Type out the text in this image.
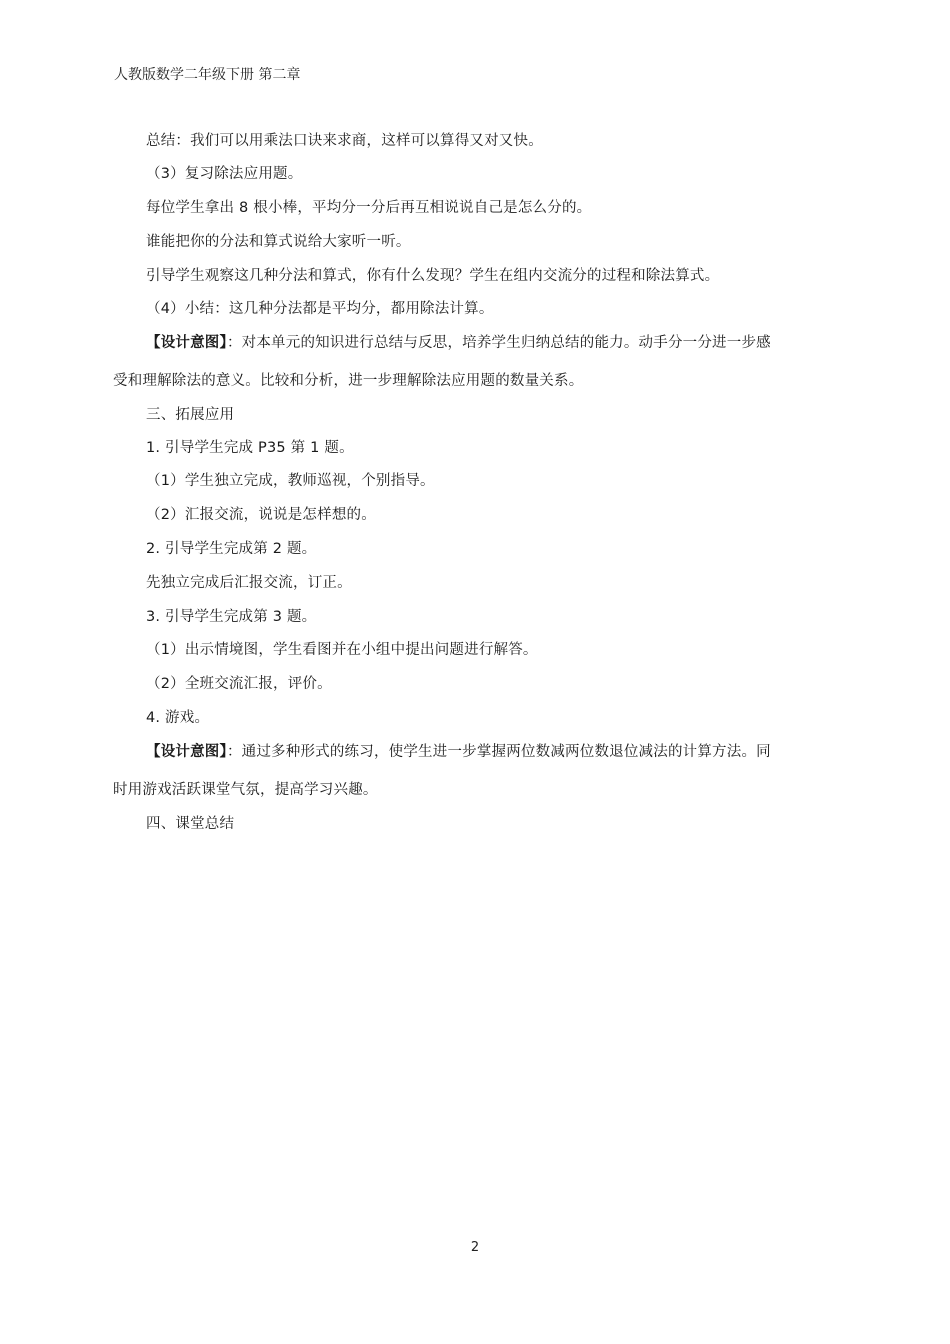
人教版数学二年级下册 第二章
总结：我们可以用乘法口诀来求商，这样可以算得又对又快。
（3）复习除法应用题。
每位学生拿出 8 根小棒，平均分一分后再互相说说自己是怎么分的。
谁能把你的分法和算式说给大家听一听。
引导学生观察这几种分法和算式，你有什么发现？学生在组内交流分的过程和除法算式。
（4）小结：这几种分法都是平均分，都用除法计算。
【设计意图】：对本单元的知识进行总结与反思，培养学生归纳总结的能力。动手分一分进一步感
受和理解除法的意义。比较和分析，进一步理解除法应用题的数量关系。
三、拓展应用
1. 引导学生完成 P35 第 1 题。
（1）学生独立完成，教师巡视，个别指导。
（2）汇报交流，说说是怎样想的。
2. 引导学生完成第 2 题。
先独立完成后汇报交流，订正。
3. 引导学生完成第 3 题。
（1）出示情境图，学生看图并在小组中提出问题进行解答。
（2）全班交流汇报，评价。
4. 游戏。
【设计意图】：通过多种形式的练习，使学生进一步掌握两位数减两位数退位减法的计算方法。同
时用游戏活跃课堂气氛，提高学习兴趣。
四、课堂总结
2
